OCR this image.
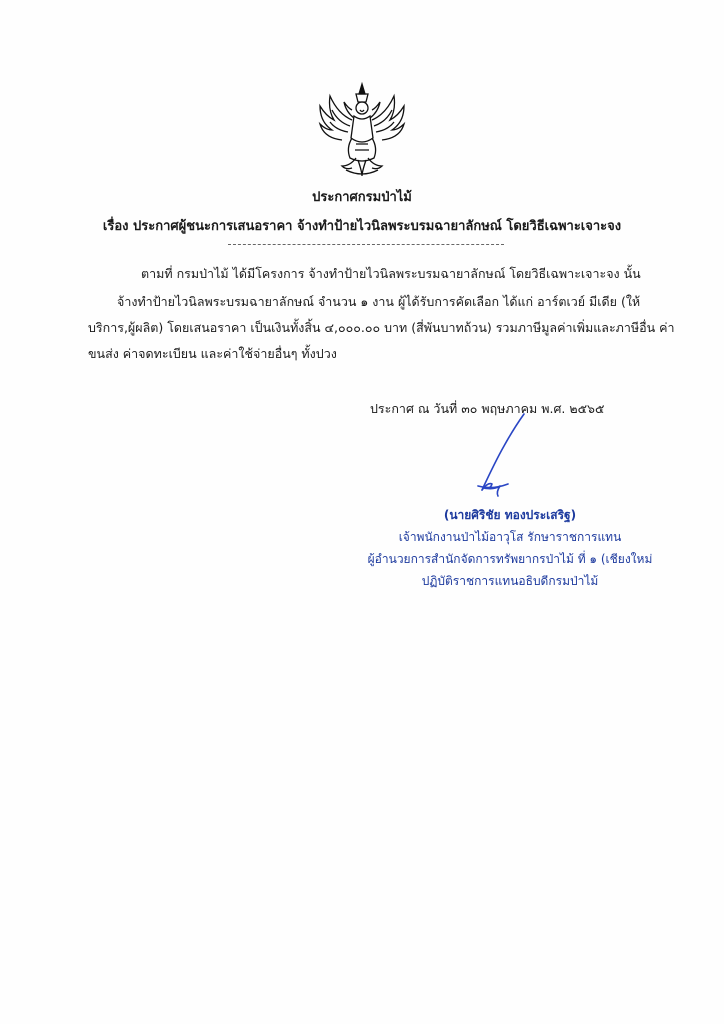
ประกาศกรมป่าไม้
เรื่อง ประกาศผู้ชนะการเสนอราคา จ้างทำป้ายไวนิลพระบรมฉายาลักษณ์ โดยวิธีเฉพาะเจาะจง
ตามที่ กรมป่าไม้ ได้มีโครงการ จ้างทำป้ายไวนิลพระบรมฉายาลักษณ์ โดยวิธีเฉพาะเจาะจง นั้น
จ้างทำป้ายไวนิลพระบรมฉายาลักษณ์ จำนวน ๑ งาน ผู้ได้รับการคัดเลือก ได้แก่ อาร์ตเวย์ มีเดีย (ให้
บริการ,ผู้ผลิต) โดยเสนอราคา เป็นเงินทั้งสิ้น ๔,๐๐๐.๐๐ บาท (สี่พันบาทถ้วน) รวมภาษีมูลค่าเพิ่มและภาษีอื่น ค่า
ขนส่ง ค่าจดทะเบียน และค่าใช้จ่ายอื่นๆ ทั้งปวง
ประกาศ ณ วันที่ ๓๐ พฤษภาคม พ.ศ. ๒๕๖๕
(นายศิริชัย ทองประเสริฐ)
เจ้าพนักงานป่าไม้อาวุโส รักษาราชการแทน
ผู้อำนวยการสำนักจัดการทรัพยากรป่าไม้ ที่ ๑ (เชียงใหม่
ปฏิบัติราชการแทนอธิบดีกรมป่าไม้
